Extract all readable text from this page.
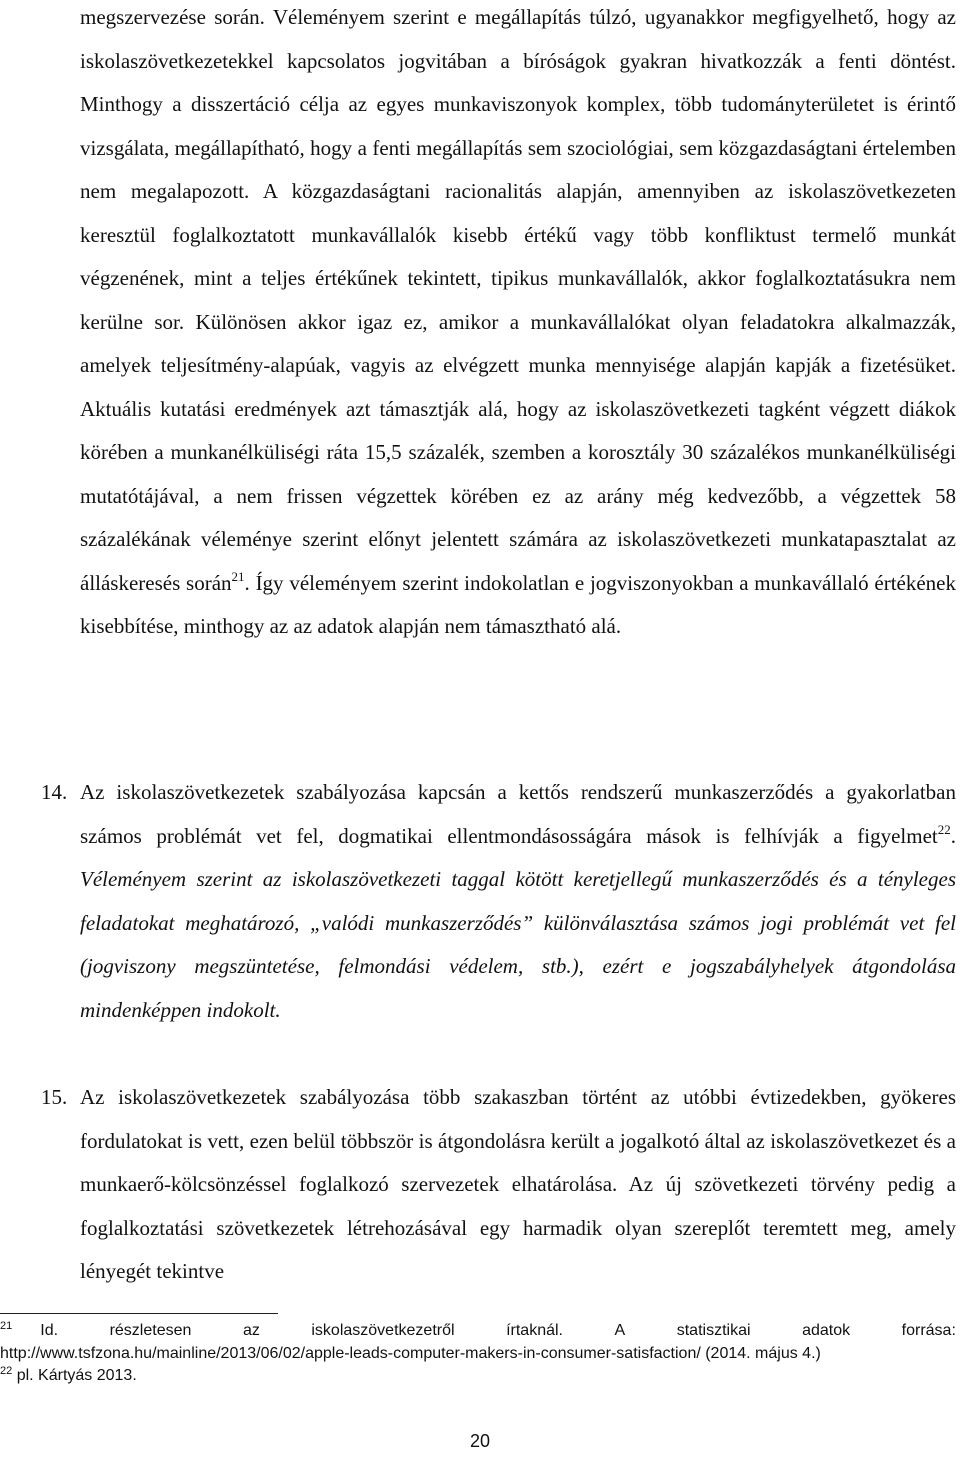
megszervezése során. Véleményem szerint e megállapítás túlzó, ugyanakkor megfigyelhető, hogy az iskolaszövetkezetekkel kapcsolatos jogvitában a bíróságok gyakran hivatkozzák a fenti döntést. Minthogy a disszertáció célja az egyes munkaviszonyok komplex, több tudományterületet is érintő vizsgálata, megállapítható, hogy a fenti megállapítás sem szociológiai, sem közgazdaságtani értelemben nem megalapozott. A közgazdaságtani racionalitás alapján, amennyiben az iskolaszövetkezeten keresztül foglalkoztatott munkavállalók kisebb értékű vagy több konfliktust termelő munkát végzenének, mint a teljes értékűnek tekintett, tipikus munkavállalók, akkor foglalkoztatásukra nem kerülne sor. Különösen akkor igaz ez, amikor a munkavállalókat olyan feladatokra alkalmazzák, amelyek teljesítmény-alapúak, vagyis az elvégzett munka mennyisége alapján kapják a fizetésüket. Aktuális kutatási eredmények azt támasztják alá, hogy az iskolaszövetkezeti tagként végzett diákok körében a munkanélküliségi ráta 15,5 százalék, szemben a korosztály 30 százalékos munkanélküliségi mutatótájával, a nem frissen végzettek körében ez az arány még kedvezőbb, a végzettek 58 százalékának véleménye szerint előnyt jelentett számára az iskolaszövetkezeti munkatapasztalat az álláskeresés során$^{21}$. Így véleményem szerint indokolatlan e jogviszonyokban a munkavállaló értékének kisebbítése, minthogy az az adatok alapján nem támasztható alá.

14. Az iskolaszövetkezetek szabályozása kapcsán a kettős rendszerű munkaszerződés a gyakorlatban számos problémát vet fel, dogmatikai ellentmondásosságára mások is felhívják a figyelmet$^{22}$. Véleményem szerint az iskolaszövetkezeti taggal kötött keretjellegű munkaszerződés és a tényleges feladatokat meghatározó, „valódi munkaszerződés” különválasztása számos jogi problémát vet fel (jogviszony megszüntetése, felmondási védelem, stb.), ezért e jogszabályhelyek átgondolása mindenképpen indokolt.

15. Az iskolaszövetkezetek szabályozása több szakaszban történt az utóbbi évtizedekben, gyökeres fordulatokat is vett, ezen belül többször is átgondolásra került a jogalkotó által az iskolaszövetkezet és a munkaerő-kölcsönzéssel foglalkozó szervezetek elhatárolása. Az új szövetkezeti törvény pedig a foglalkoztatási szövetkezetek létrehozásával egy harmadik olyan szereplőt teremtett meg, amely lényegét tekintve

$^{21}$ Id.	részletesen	az	iskolaszövetkezetről	írtaknál.	A	statisztikai	adatok	forrása:
http://www.tsfzona.hu/mainline/2013/06/02/apple-leads-computer-makers-in-consumer-satisfaction/ (2014. május 4.)
$^{22}$ pl. Kártyás 2013.
20
